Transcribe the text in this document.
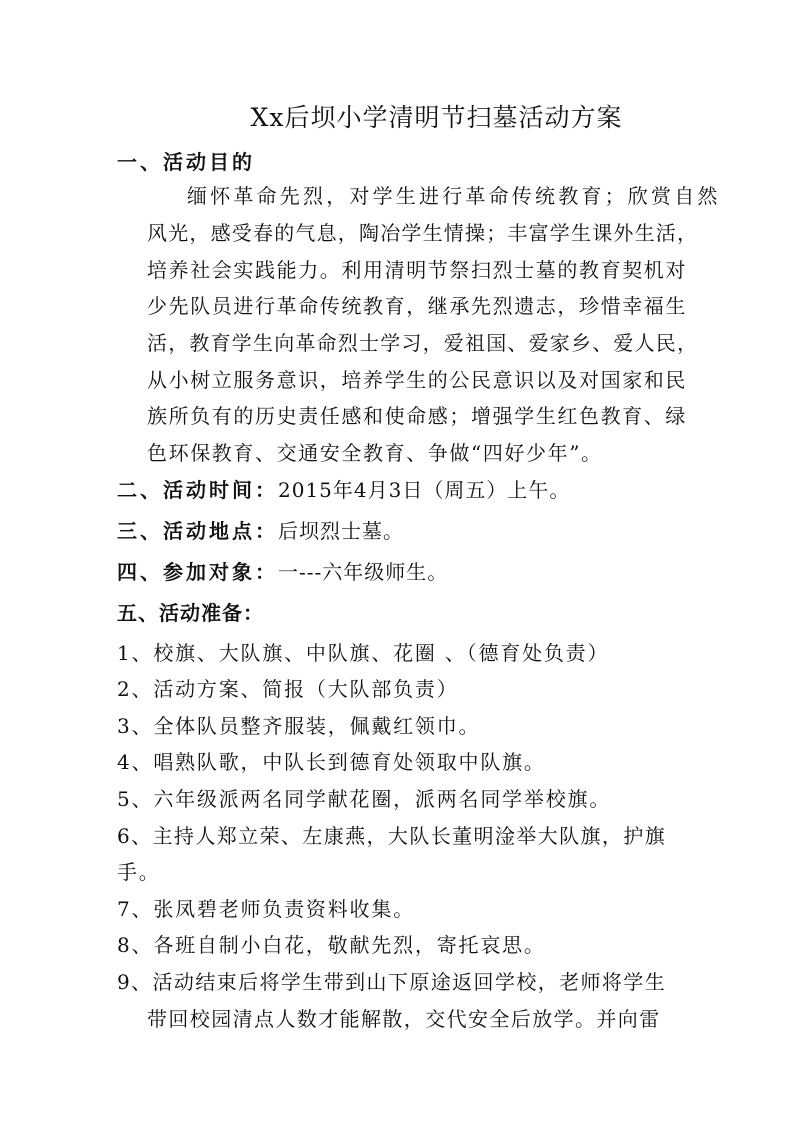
Xx后坝小学清明节扫墓活动方案
一、活动目的
缅怀革命先烈，对学生进行革命传统教育；欣赏自然
风光，感受春的气息，陶冶学生情操；丰富学生课外生活，
培养社会实践能力。利用清明节祭扫烈士墓的教育契机对
少先队员进行革命传统教育，继承先烈遗志，珍惜幸福生
活，教育学生向革命烈士学习，爱祖国、爱家乡、爱人民，
从小树立服务意识，培养学生的公民意识以及对国家和民
族所负有的历史责任感和使命感；增强学生红色教育、绿
色环保教育、交通安全教育、争做“四好少年”。
二、活动时间：2015年4月3日（周五）上午。
三、活动地点：后坝烈士墓。
四、参加对象：一---六年级师生。
五、活动准备：
1、校旗、大队旗、中队旗、花圈 、（德育处负责）
2、活动方案、简报（大队部负责）
3、全体队员整齐服装，佩戴红领巾。
4、唱熟队歌，中队长到德育处领取中队旗。
5、六年级派两名同学献花圈，派两名同学举校旗。
6、主持人郑立荣、左康燕，大队长董明淦举大队旗，护旗
手。
7、张凤碧老师负责资料收集。
8、各班自制小白花，敬献先烈，寄托哀思。
9、活动结束后将学生带到山下原途返回学校，老师将学生
带回校园清点人数才能解散，交代安全后放学。并向雷
